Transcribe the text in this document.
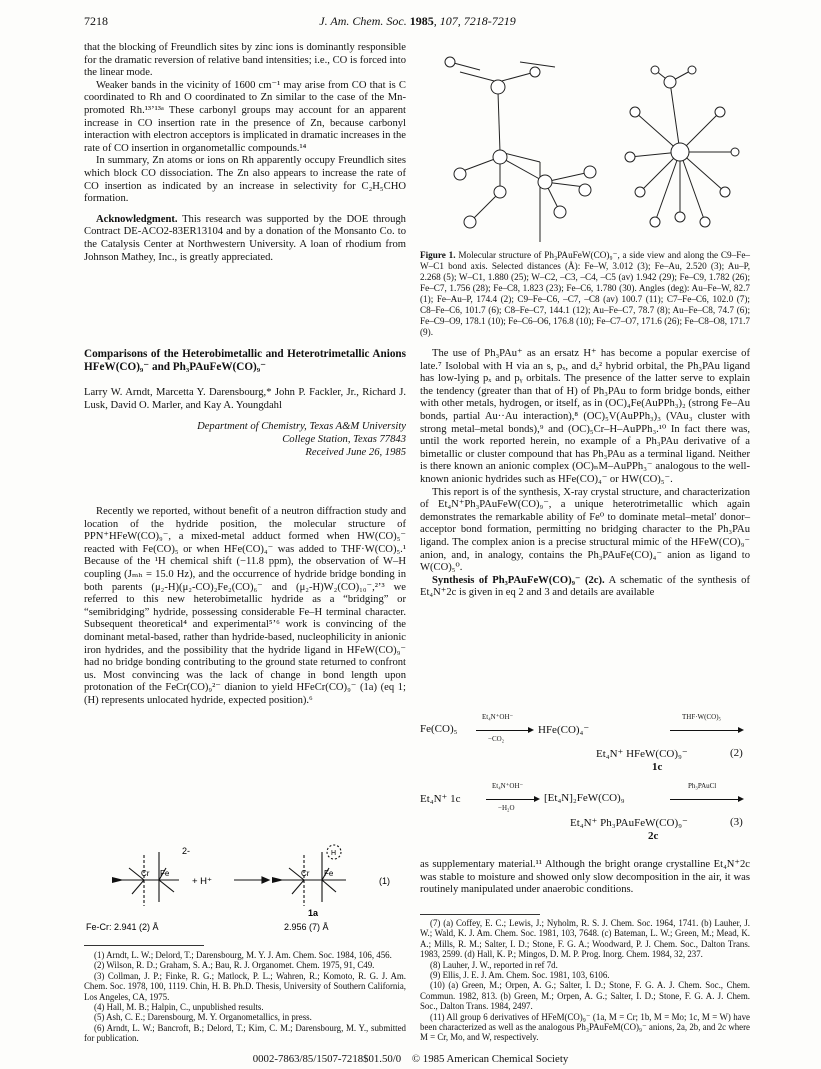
7218	J. Am. Chem. Soc. 1985, 107, 7218-7219

that the blocking of Freundlich sites by zinc ions is dominantly responsible for the dramatic reversion of relative band intensities; i.e., CO is forced into the linear mode.

Weaker bands in the vicinity of 1600 cm⁻¹ may arise from CO that is C coordinated to Rh and O coordinated to Zn similar to the case of the Mn-promoted Rh.¹³ʼ¹³ᵃ These carbonyl groups may account for an apparent increase in CO insertion rate in the presence of Zn, because carbonyl interaction with electron acceptors is implicated in dramatic increases in the rate of CO insertion in organometallic compounds.¹⁴

In summary, Zn atoms or ions on Rh apparently occupy Freundlich sites which block CO dissociation. The Zn also appears to increase the rate of CO insertion as indicated by an increase in selectivity for C₂H₅CHO formation.

Acknowledgment. This research was supported by the DOE through Contract DE-ACO2-83ER13104 and by a donation of the Monsanto Co. to the Catalysis Center at Northwestern University. A loan of rhodium from Johnson Mathey, Inc., is greatly appreciated.

Comparisons of the Heterobimetallic and Heterotrimetallic Anions HFeW(CO)₉⁻ and Ph₃PAuFeW(CO)₉⁻

Larry W. Arndt, Marcetta Y. Darensbourg,* John P. Fackler, Jr., Richard J. Lusk, David O. Marler, and Kay A. Youngdahl

Department of Chemistry, Texas A&M University

College Station, Texas 77843

Received June 26, 1985

Recently we reported, without benefit of a neutron diffraction study and location of the hydride position, the molecular structure of PPN⁺HFeW(CO)₉⁻, a mixed-metal adduct formed when HW(CO)₅⁻ reacted with Fe(CO)₅ or when HFe(CO)₄⁻ was added to THF·W(CO)₅.¹ Because of the ¹H chemical shift (−11.8 ppm), the observation of W–H coupling (Jₘₕ = 15.0 Hz), and the occurrence of hydride bridge bonding in both parents (μ₂-H)(μ₂-CO)₂Fe₂(CO)₆⁻ and (μ₂-H)W₂(CO)₁₀⁻,²ʼ³ we referred to this new heterobimetallic hydride as a “bridging” or “semibridging” hydride, possessing considerable Fe–H terminal character. Subsequent theoretical⁴ and experimental⁵ʼ⁶ work is convincing of the dominant metal-based, rather than hydride-based, nucleophilicity in anionic iron hydrides, and the possibility that the hydride ligand in HFeW(CO)₉⁻ had no bridge bonding contributing to the ground state returned to confront us. Most convincing was the lack of change in bond length upon protonation of the FeCr(CO)₉²⁻ dianion to yield HFeCr(CO)₉⁻ (1a) (eq 1; (H) represents unlocated hydride, expected position).⁶

Cr Fe	Cr Fe
H
2-
+ H⁺	(1)
1a
Fe-Cr: 2.941 (2) Å	2.956 (7) Å
(1) Arndt, L. W.; Delord, T.; Darensbourg, M. Y. J. Am. Chem. Soc. 1984, 106, 456.
(2) Wilson, R. D.; Graham, S. A.; Bau, R. J. Organomet. Chem. 1975, 91, C49.
(3) Collman, J. P.; Finke, R. G.; Matlock, P. L.; Wahren, R.; Komoto, R. G. J. Am. Chem. Soc. 1978, 100, 1119. Chin, H. B. Ph.D. Thesis, University of Southern California, Los Angeles, CA, 1975.
(4) Hall, M. B.; Halpin, C., unpublished results.
(5) Ash, C. E.; Darensbourg, M. Y. Organometallics, in press.
(6) Arndt, L. W.; Bancroft, B.; Delord, T.; Kim, C. M.; Darensbourg, M. Y., submitted for publication.
Figure 1. Molecular structure of Ph₃PAuFeW(CO)₉⁻, a side view and along the C9–Fe–W–C1 bond axis. Selected distances (Å): Fe–W, 3.012 (3); Fe–Au, 2.520 (3); Au–P, 2.268 (5); W–C1, 1.880 (25); W–C2, –C3, –C4, –C5 (av) 1.942 (29); Fe–C9, 1.782 (26); Fe–C7, 1.756 (28); Fe–C8, 1.823 (23); Fe–C6, 1.780 (30). Angles (deg): Au–Fe–W, 82.7 (1); Fe–Au–P, 174.4 (2); C9–Fe–C6, –C7, –C8 (av) 100.7 (11); C7–Fe–C6, 102.0 (7); C8–Fe–C6, 101.7 (6); C8–Fe–C7, 144.1 (12); Au–Fe–C7, 78.7 (8); Au–Fe–C8, 74.7 (6); Fe–C9–O9, 178.1 (10); Fe–C6–O6, 176.8 (10); Fe–C7–O7, 171.6 (26); Fe–C8–O8, 171.7 (9).

The use of Ph₃PAu⁺ as an ersatz H⁺ has become a popular exercise of late.⁷ Isolobal with H via an s, pₓ, and dₓ² hybrid orbital, the Ph₃PAu ligand has low-lying pₓ and pᵧ orbitals. The presence of the latter serve to explain the tendency (greater than that of H) of Ph₃PAu to form bridge bonds, either with other metals, hydrogen, or itself, as in (OC)₄Fe(AuPPh₃)₂ (strong Fe–Au bonds, partial Au··Au interaction),⁸ (OC)₅V(AuPPh₃)₃ (VAu₃ cluster with strong metal–metal bonds),⁹ and (OC)₅Cr–H–AuPPh₃.¹⁰ In fact there was, until the work reported herein, no example of a Ph₃PAu derivative of a bimetallic or cluster compound that has Ph₃PAu as a terminal ligand. Neither is there known an anionic complex (OC)ₙM–AuPPh₃⁻ analogous to the well-known anionic hydrides such as HFe(CO)₄⁻ or HW(CO)₅⁻.

This report is of the synthesis, X-ray crystal structure, and characterization of Et₄N⁺Ph₃PAuFeW(CO)₉⁻, a unique heterotrimetallic which again demonstrates the remarkable ability of Fe⁰ to dominate metal–metal′ donor–acceptor bond formation, permitting no bridging character to the Ph₃PAu ligand. The complex anion is a precise structural mimic of the HFeW(CO)₉⁻ anion, and, in analogy, contains the Ph₃PAuFe(CO)₄⁻ anion as ligand to W(CO)₅⁰.

Synthesis of Ph₃PAuFeW(CO)₉⁻ (2c). A schematic of the synthesis of Et₄N⁺2c is given in eq 2 and 3 and details are available

Fe(CO)₅
Et₄N⁺OH⁻
−CO₂
HFe(CO)₄⁻
THF·W(CO)₅
Et₄N⁺ HFeW(CO)₉⁻	(2)
1c
Et₄N⁺ 1c
Et₄N⁺OH⁻
−H₂O
[Et₄N]₂FeW(CO)₉
Ph₃PAuCl
Et₄N⁺ Ph₃PAuFeW(CO)₉⁻	(3)
2c

as supplementary material.¹¹ Although the bright orange crystalline Et₄N⁺2c was stable to moisture and showed only slow decomposition in the air, it was routinely manipulated under anaerobic conditions.

(7) (a) Coffey, E. C.; Lewis, J.; Nyholm, R. S. J. Chem. Soc. 1964, 1741. (b) Lauher, J. W.; Wald, K. J. Am. Chem. Soc. 1981, 103, 7648. (c) Bateman, L. W.; Green, M.; Mead, K. A.; Mills, R. M.; Salter, I. D.; Stone, F. G. A.; Woodward, P. J. Chem. Soc., Dalton Trans. 1983, 2599. (d) Hall, K. P.; Mingos, D. M. P. Prog. Inorg. Chem. 1984, 32, 237.
(8) Lauher, J. W., reported in ref 7d.
(9) Ellis, J. E. J. Am. Chem. Soc. 1981, 103, 6106.
(10) (a) Green, M.; Orpen, A. G.; Salter, I. D.; Stone, F. G. A. J. Chem. Soc., Chem. Commun. 1982, 813. (b) Green, M.; Orpen, A. G.; Salter, I. D.; Stone, F. G. A. J. Chem. Soc., Dalton Trans. 1984, 2497.
(11) All group 6 derivatives of HFeM(CO)₉⁻ (1a, M = Cr; 1b, M = Mo; 1c, M = W) have been characterized as well as the analogous Ph₃PAuFeM(CO)₉⁻ anions, 2a, 2b, and 2c where M = Cr, Mo, and W, respectively.
0002-7863/85/1507-7218$01.50/0 © 1985 American Chemical Society
